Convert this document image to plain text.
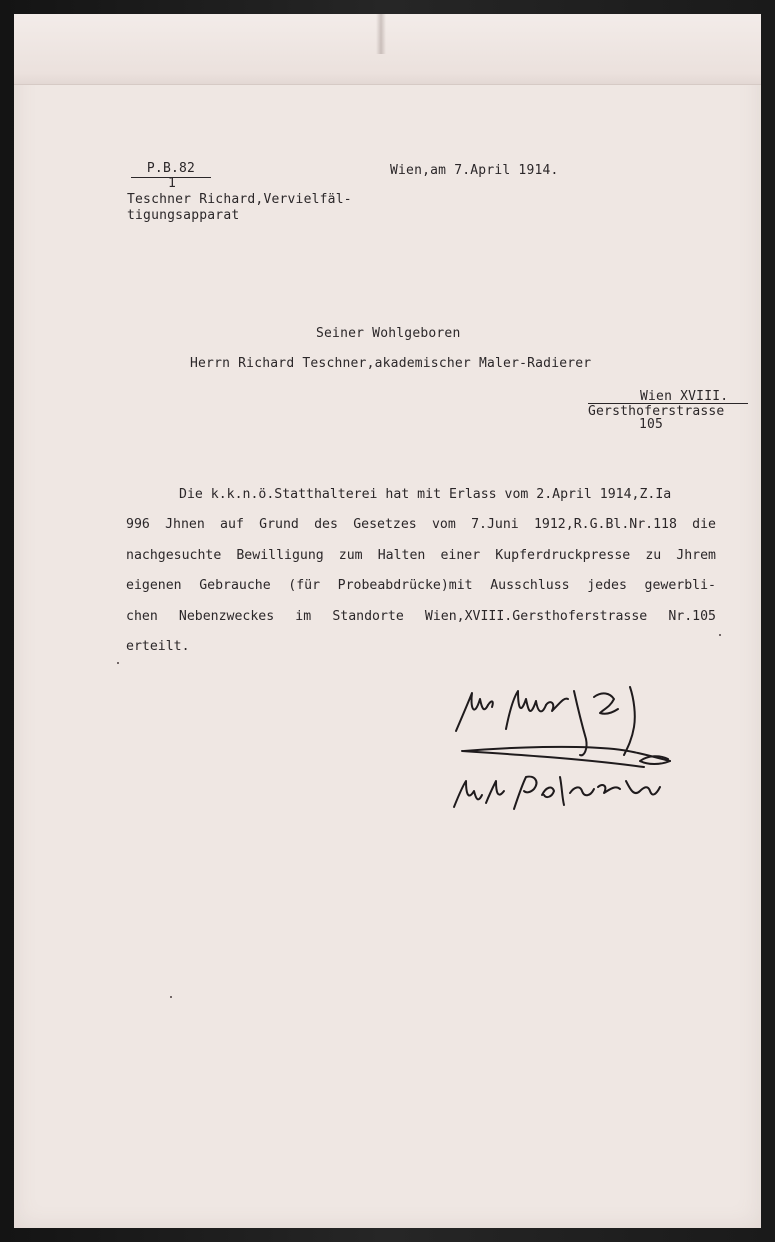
P.B.82
1
Teschner Richard,Vervielfäl-
tigungsapparat
Wien,am 7.April 1914.
Seiner Wohlgeboren
Herrn Richard Teschner,akademischer Maler-Radierer
Wien XVIII.
Gersthoferstrasse
105
Die k.k.n.ö.Statthalterei hat mit Erlass vom 2.April 1914,Z.Ia
996 Jhnen auf Grund des Gesetzes vom 7.Juni 1912,R.G.Bl.Nr.118 die
nachgesuchte Bewilligung zum Halten einer Kupferdruckpresse zu Jhrem
eigenen Gebrauche (für Probeabdrücke)mit Ausschluss jedes gewerbli-
chen Nebenzweckes im Standorte Wien,XVIII.Gersthoferstrasse Nr.105
erteilt.
